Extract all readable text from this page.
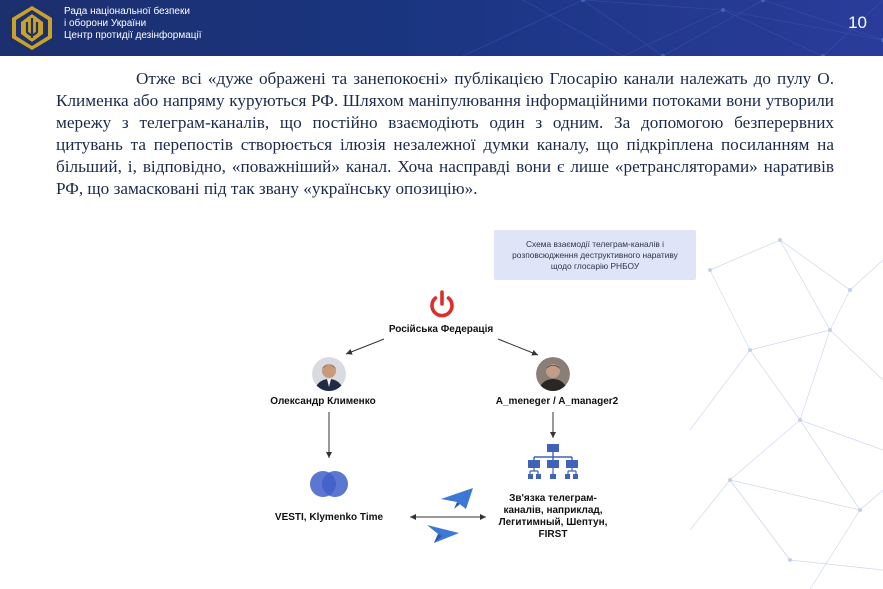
Рада національної безпеки
і оборони України
Центр протидії дезінформації
10
Отже всі «дуже ображені та занепокоєні» публікацією Глосарію канали належать до пулу О. Клименка або напряму куруються РФ. Шляхом маніпулювання інформаційними потоками вони утворили мережу з телеграм-каналів, що постійно взаємодіють один з одним. За допомогою безперервних цитувань та перепостів створюється ілюзія незалежної думки каналу, що підкріплена посиланням на більший, і, відповідно, «поважніший» канал. Хоча насправді вони є лише «ретрансляторами» наративів РФ, що замасковані під так звану «українську опозицію».
Схема взаємодії телеграм-каналів і
розповсюдження деструктивного наративу
щодо глосарію РНБОУ
Російська Федерація
Олександр Клименко	A_meneger / A_manager2
VESTI, Klymenko Time
Зв'язка телеграм-
каналів, наприклад,
Легитимный, Шептун,
FIRST
